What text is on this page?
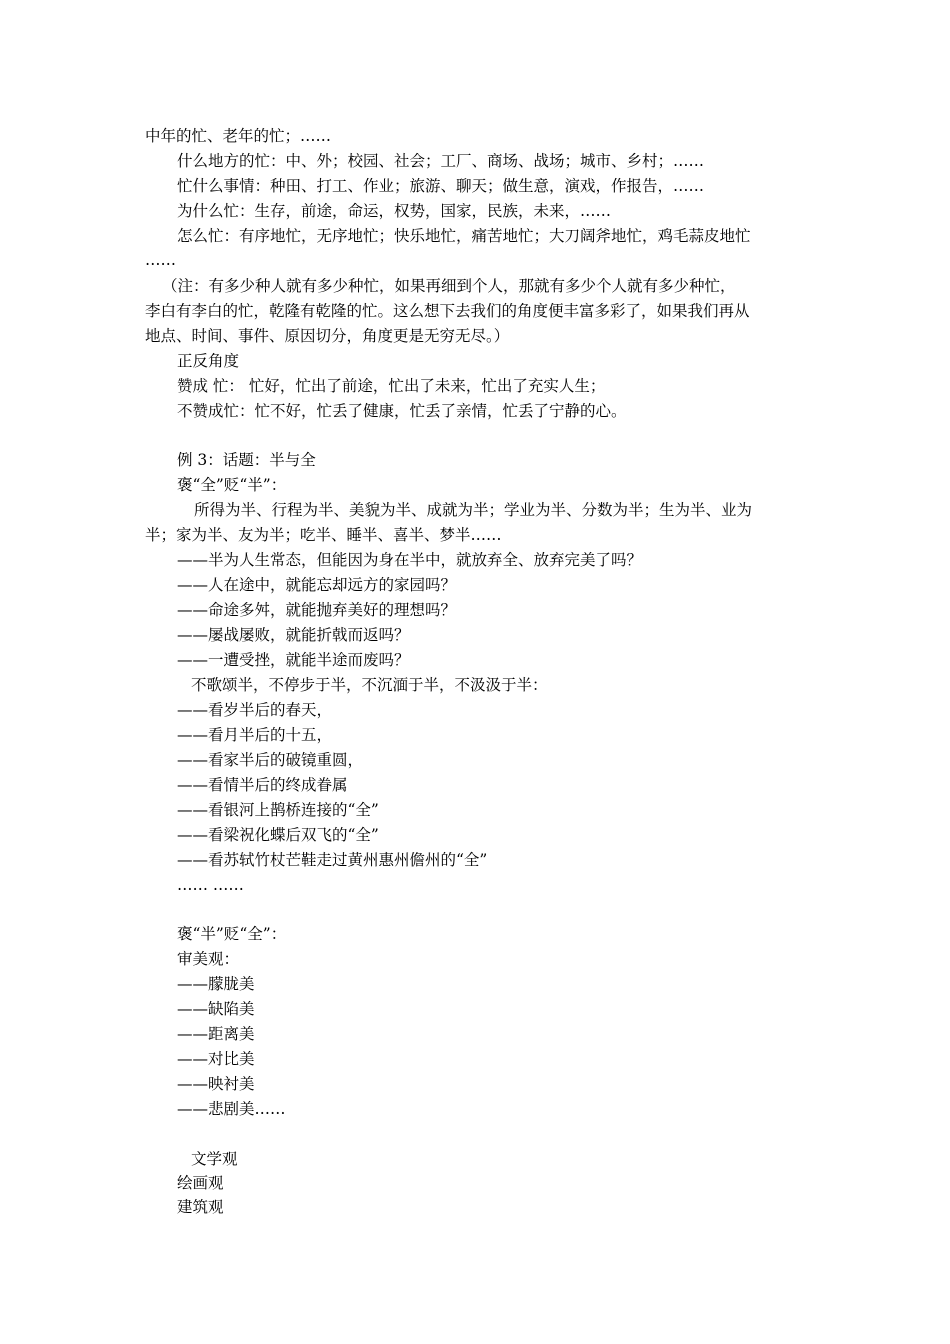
中年的忙、老年的忙；……
什么地方的忙：中、外；校园、社会；工厂、商场、战场；城市、乡村；……
忙什么事情：种田、打工、作业；旅游、聊天；做生意，演戏，作报告，……
为什么忙：生存，前途，命运，权势，国家，民族，未来，……
怎么忙：有序地忙，无序地忙；快乐地忙，痛苦地忙；大刀阔斧地忙，鸡毛蒜皮地忙
……
（注：有多少种人就有多少种忙，如果再细到个人，那就有多少个人就有多少种忙，
李白有李白的忙，乾隆有乾隆的忙。这么想下去我们的角度便丰富多彩了，如果我们再从
地点、时间、事件、原因切分，角度更是无穷无尽。）
正反角度
赞成 忙： 忙好，忙出了前途，忙出了未来，忙出了充实人生；
不赞成忙：忙不好，忙丢了健康，忙丢了亲情，忙丢了宁静的心。
例 3：话题：半与全
褒“全”贬“半”：
所得为半、行程为半、美貌为半、成就为半；学业为半、分数为半；生为半、业为
半；家为半、友为半；吃半、睡半、喜半、梦半……
——半为人生常态，但能因为身在半中，就放弃全、放弃完美了吗？
——人在途中，就能忘却远方的家园吗？
——命途多舛，就能抛弃美好的理想吗？
——屡战屡败，就能折戟而返吗？
——一遭受挫，就能半途而废吗？
不歌颂半，不停步于半，不沉湎于半，不汲汲于半：
——看岁半后的春天，
——看月半后的十五，
——看家半后的破镜重圆，
——看情半后的终成眷属
——看银河上鹊桥连接的“全”
——看梁祝化蝶后双飞的“全”
——看苏轼竹杖芒鞋走过黄州惠州儋州的“全”
…… ……
褒“半”贬“全”：
审美观：
——朦胧美
——缺陷美
——距离美
——对比美
——映衬美
——悲剧美……
文学观
绘画观
建筑观
